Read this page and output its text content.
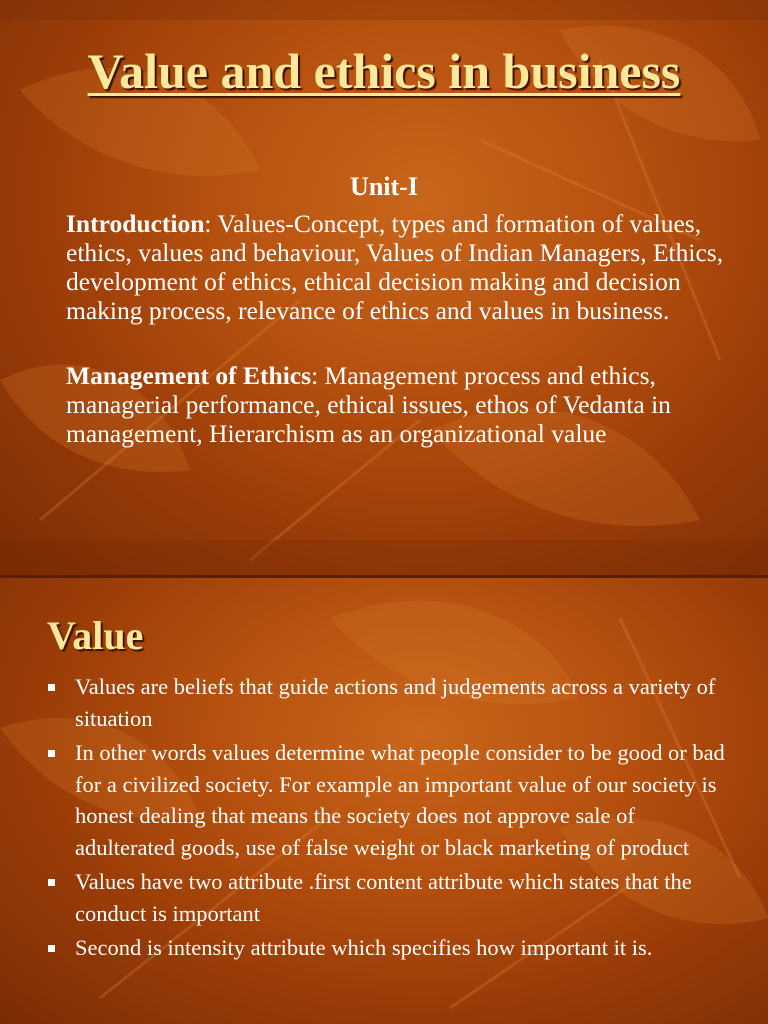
Value and ethics in business
Unit-I
Introduction: Values-Concept, types and formation of values, ethics, values and behaviour, Values of Indian Managers, Ethics, development of ethics, ethical decision making and decision making process, relevance of ethics and values in business.
Management of Ethics: Management process and ethics, managerial performance, ethical issues, ethos of Vedanta in management, Hierarchism as an organizational value
Value
Values are beliefs that guide actions and judgements across a variety of situation
In other words values determine what people consider to be good or bad for a civilized society. For example an important value of our society is honest dealing that means the society does not approve sale of adulterated goods, use of false weight or black marketing of product
Values have two attribute .first content attribute which states that the conduct is important
Second is intensity attribute which specifies how important it is.
